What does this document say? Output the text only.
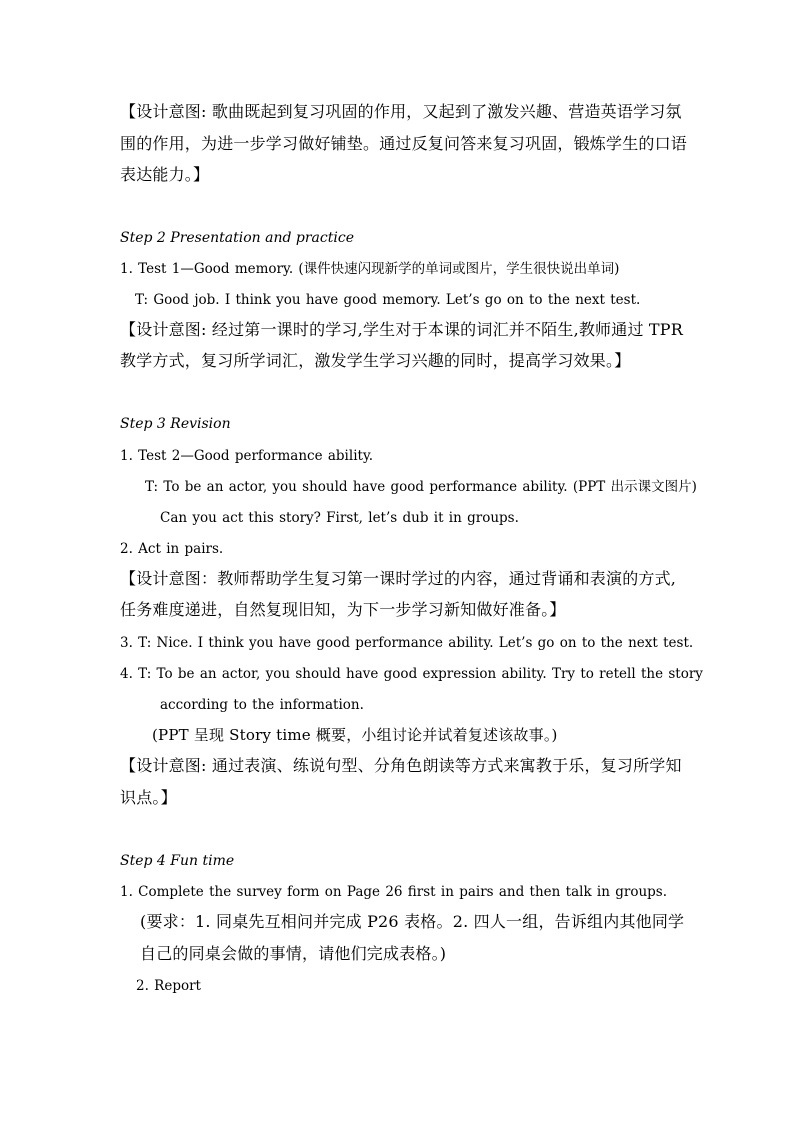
【设计意图: 歌曲既起到复习巩固的作用，又起到了激发兴趣、营造英语学习氛
围的作用，为进一步学习做好铺垫。通过反复问答来复习巩固，锻炼学生的口语
表达能力。】
Step 2 Presentation and practice
1. Test 1—Good memory. (课件快速闪现新学的单词或图片，学生很快说出单词)
T: Good job. I think you have good memory. Let’s go on to the next test.
【设计意图: 经过第一课时的学习,学生对于本课的词汇并不陌生,教师通过 TPR
教学方式，复习所学词汇，激发学生学习兴趣的同时，提高学习效果。】
Step 3 Revision
1. Test 2—Good performance ability.
T: To be an actor, you should have good performance ability. (PPT 出示课文图片)
Can you act this story? First, let’s dub it in groups.
2. Act in pairs.
【设计意图：教师帮助学生复习第一课时学过的内容，通过背诵和表演的方式,
任务难度递进，自然复现旧知，为下一步学习新知做好准备。】
3. T: Nice. I think you have good performance ability. Let’s go on to the next test.
4. T: To be an actor, you should have good expression ability. Try to retell the story
according to the information.
(PPT 呈现 Story time 概要，小组讨论并试着复述该故事。)
【设计意图: 通过表演、练说句型、分角色朗读等方式来寓教于乐，复习所学知
识点。】
Step 4 Fun time
1. Complete the survey form on Page 26 first in pairs and then talk in groups.
(要求：1. 同桌先互相问并完成 P26 表格。2. 四人一组，告诉组内其他同学
自己的同桌会做的事情，请他们完成表格。)
2. Report
